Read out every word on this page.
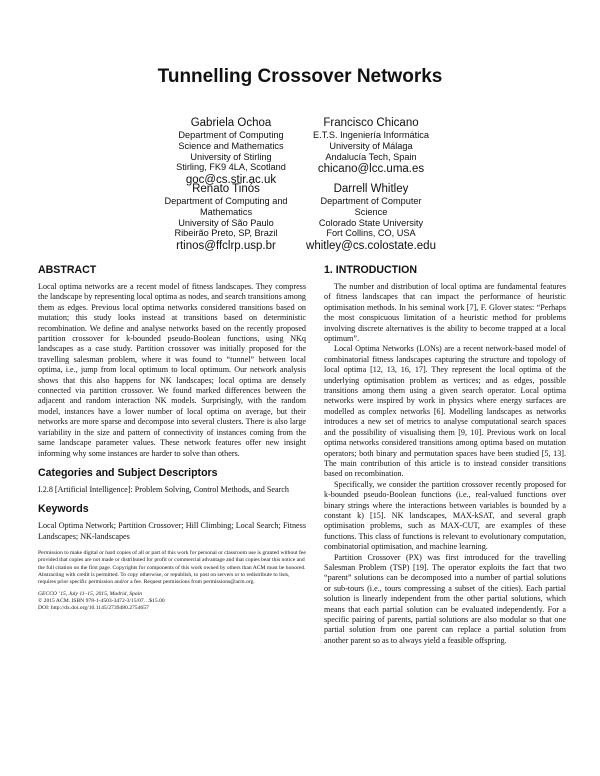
Tunnelling Crossover Networks
Gabriela Ochoa
Department of Computing
Science and Mathematics
University of Stirling
Stirling, FK9 4LA, Scotland
goc@cs.stir.ac.uk
Francisco Chicano
E.T.S. Ingeniería Informática
University of Málaga
Andalucía Tech, Spain
chicano@lcc.uma.es
Renato Tinós
Department of Computing and
Mathematics
University of São Paulo
Ribeirão Preto, SP, Brazil
rtinos@ffclrp.usp.br
Darrell Whitley
Department of Computer
Science
Colorado State University
Fort Collins, CO, USA
whitley@cs.colostate.edu
ABSTRACT

Local optima networks are a recent model of fitness landscapes. They compress the landscape by representing local optima as nodes, and search transitions among them as edges. Previous local optima networks considered transitions based on mutation; this study looks instead at transitions based on deterministic recombination. We define and analyse networks based on the recently proposed partition crossover for k-bounded pseudo-Boolean functions, using NKq landscapes as a case study. Partition crossover was initially proposed for the travelling salesman problem, where it was found to “tunnel” between local optima, i.e., jump from local optimum to local optimum. Our network analysis shows that this also happens for NK landscapes; local optima are densely connected via partition crossover. We found marked differences between the adjacent and random interaction NK models. Surprisingly, with the random model, instances have a lower number of local optima on average, but their networks are more sparse and decompose into several clusters. There is also large variability in the size and pattern of connectivity of instances coming from the same landscape parameter values. These network features offer new insight informing why some instances are harder to solve than others.

Categories and Subject Descriptors

I.2.8 [Artificial Intelligence]: Problem Solving, Control Methods, and Search

Keywords

Local Optima Network; Partition Crossover; Hill Climbing; Local Search; Fitness Landscapes; NK-landscapes

Permission to make digital or hard copies of all or part of this work for personal or classroom use is granted without fee provided that copies are not made or distributed for profit or commercial advantage and that copies bear this notice and the full citation on the first page. Copyrights for components of this work owned by others than ACM must be honored. Abstracting with credit is permitted. To copy otherwise, or republish, to post on servers or to redistribute to lists, requires prior specific permission and/or a fee. Request permissions from permissions@acm.org.

GECCO ’15, July 11–15, 2015, Madrid, Spain

© 2015 ACM. ISBN 978-1-4503-3472-3/15/07…$15.00

DOI: http://dx.doi.org/10.1145/2739480.2754657

1. INTRODUCTION

The number and distribution of local optima are fundamental features of fitness landscapes that can impact the performance of heuristic optimisation methods. In his seminal work [7], F. Glover states: “Perhaps the most conspicuous limitation of a heuristic method for problems involving discrete alternatives is the ability to become trapped at a local optimum”.

Local Optima Networks (LONs) are a recent network-based model of combinatorial fitness landscapes capturing the structure and topology of local optima [12, 13, 16, 17]. They represent the local optima of the underlying optimisation problem as vertices; and as edges, possible transitions among them using a given search operator. Local optima networks were inspired by work in physics where energy surfaces are modelled as complex networks [6]. Modelling landscapes as networks introduces a new set of metrics to analyse computational search spaces and the possibility of visualising them [9, 10]. Previous work on local optima networks considered transitions among optima based on mutation operators; both binary and permutation spaces have been studied [5, 13]. The main contribution of this article is to instead consider transitions based on recombination.

Specifically, we consider the partition crossover recently proposed for k-bounded pseudo-Boolean functions (i.e., real-valued functions over binary strings where the interactions between variables is bounded by a constant k) [15]. NK landscapes, MAX-kSAT, and several graph optimisation problems, such as MAX-CUT, are examples of these functions. This class of functions is relevant to evolutionary computation, combinatorial optimisation, and machine learning.

Partition Crossover (PX) was first introduced for the travelling Salesman Problem (TSP) [19]. The operator exploits the fact that two “parent” solutions can be decomposed into a number of partial solutions or sub-tours (i.e., tours compressing a subset of the cities). Each partial solution is linearly independent from the other partial solutions, which means that each partial solution can be evaluated independently. For a specific pairing of parents, partial solutions are also modular so that one partial solution from one parent can replace a partial solution from another parent so as to always yield a feasible offspring.
